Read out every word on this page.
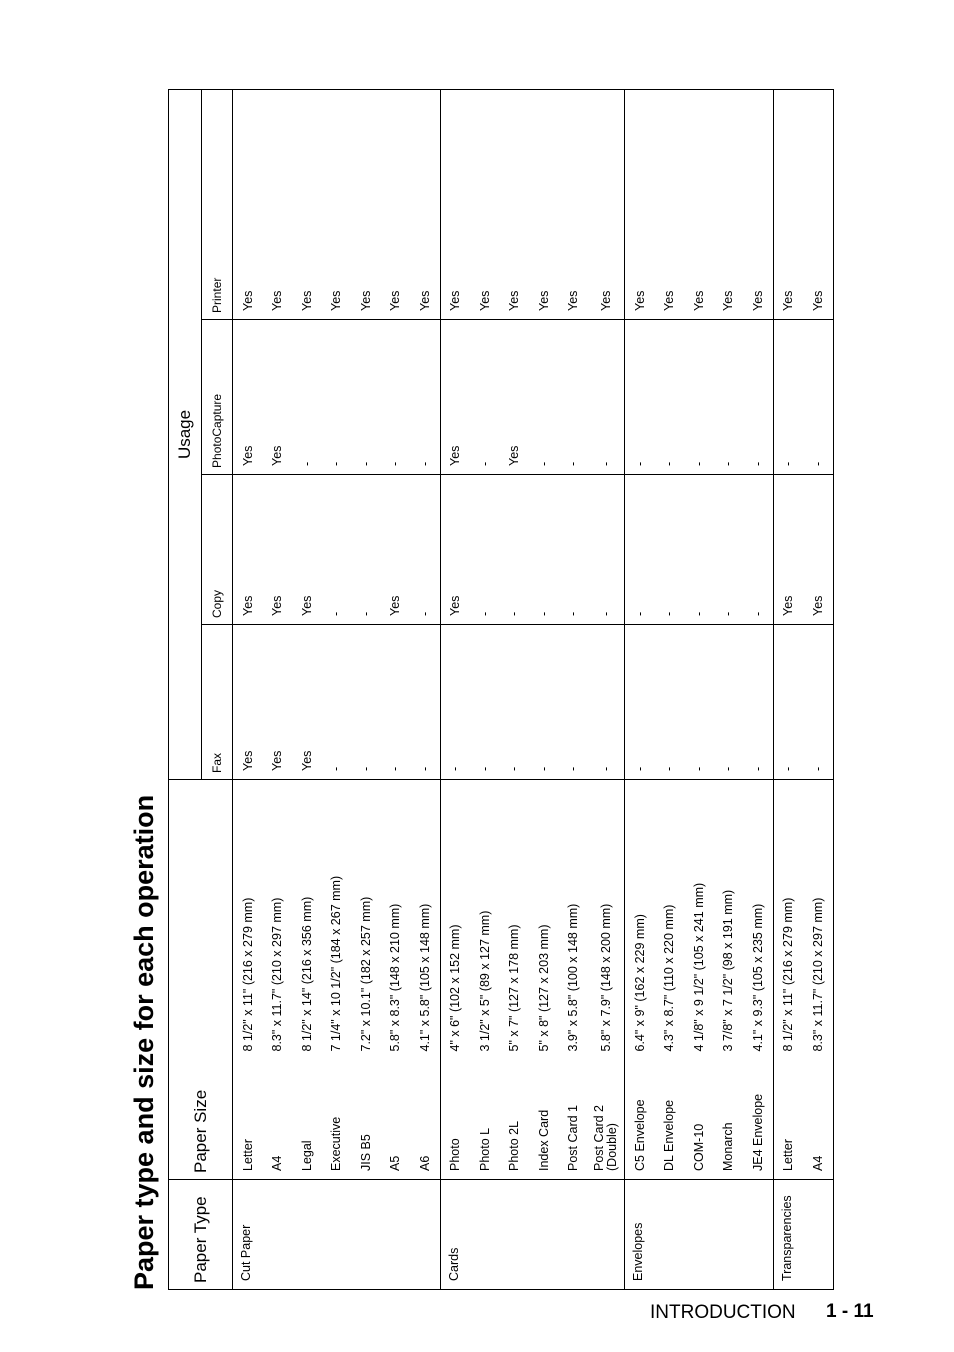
Paper type and size for each operation Paper Type	Paper Size		Usage			
			Fax	Copy	PhotoCapture	Printer
Cut Paper	Letter	8 1/2" x 11" (216 x 279 mm)	Yes	Yes	Yes	Yes
	A4	8.3" x 11.7" (210 x 297 mm)	Yes	Yes	Yes	Yes
	Legal	8 1/2" x 14" (216 x 356 mm)	Yes	Yes	-	Yes
	Executive	7 1/4" x 10 1/2" (184 x 267 mm)	-	-	-	Yes
	JIS B5	7.2" x 10.1" (182 x 257 mm)	-	-	-	Yes
	A5	5.8" x 8.3" (148 x 210 mm)	-	Yes	-	Yes
	A6	4.1" x 5.8" (105 x 148 mm)	-	-	-	Yes
Cards	Photo	4" x 6" (102 x 152 mm)	-	Yes	Yes	Yes
	Photo L	3 1/2" x 5" (89 x 127 mm)	-	-	-	Yes
	Photo 2L	5" x 7" (127 x 178 mm)	-	-	Yes	Yes
	Index Card	5" x 8" (127 x 203 mm)	-	-	-	Yes
	Post Card 1	3.9" x 5.8" (100 x 148 mm)	-	-	-	Yes

	Post Card 2 (Double)	5.8" x 7.9" (148 x 200 mm)	-	-	-	Yes
Envelopes	C5 Envelope	6.4" x 9" (162 x 229 mm)	-	-	-	Yes
	DL Envelope	4.3" x 8.7" (110 x 220 mm)	-	-	-	Yes
	COM-10	4 1/8" x 9 1/2" (105 x 241 mm)	-	-	-	Yes
	Monarch	3 7/8" x 7 1/2" (98 x 191 mm)	-	-	-	Yes
	JE4 Envelope	4.1" x 9.3" (105 x 235 mm)	-	-	-	Yes
Transparencies	Letter	8 1/2" x 11" (216 x 279 mm)	-	Yes	-	Yes
	A4	8.3" x 11.7" (210 x 297 mm)	-	Yes	-	Yes
INTRODUCTION 1 - 11
